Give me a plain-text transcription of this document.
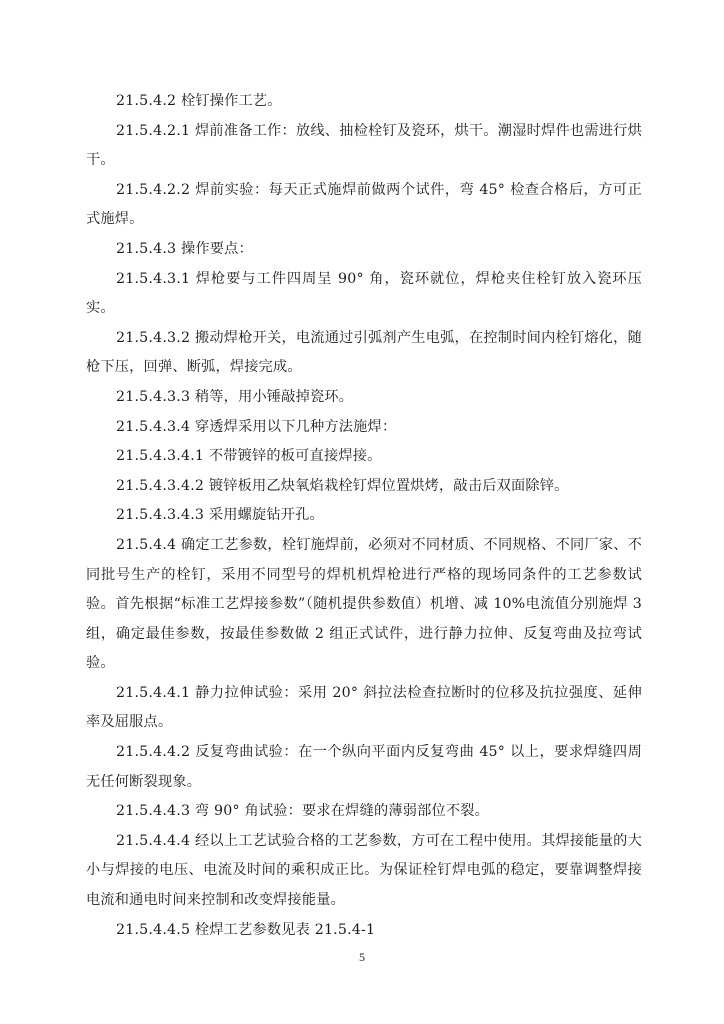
21.5.4.2 栓钉操作工艺。

21.5.4.2.1 焊前准备工作：放线、抽检栓钉及瓷环，烘干。潮湿时焊件也需进行烘干。

21.5.4.2.2 焊前实验：每天正式施焊前做两个试件，弯 45° 检查合格后，方可正式施焊。

21.5.4.3 操作要点：

21.5.4.3.1 焊枪要与工件四周呈 90° 角，瓷环就位，焊枪夹住栓钉放入瓷环压实。

21.5.4.3.2 搬动焊枪开关，电流通过引弧剂产生电弧，在控制时间内栓钉熔化，随枪下压，回弹、断弧，焊接完成。

21.5.4.3.3 稍等，用小锤敲掉瓷环。

21.5.4.3.4 穿透焊采用以下几种方法施焊：

21.5.4.3.4.1 不带镀锌的板可直接焊接。

21.5.4.3.4.2 镀锌板用乙炔氧焰栽栓钉焊位置烘烤，敲击后双面除锌。

21.5.4.3.4.3 采用螺旋钻开孔。

21.5.4.4 确定工艺参数，栓钉施焊前，必须对不同材质、不同规格、不同厂家、不同批号生产的栓钉，采用不同型号的焊机机焊枪进行严格的现场同条件的工艺参数试验。首先根据“标准工艺焊接参数”（随机提供参数值）机增、减 10%电流值分别施焊 3 组，确定最佳参数，按最佳参数做 2 组正式试件，进行静力拉伸、反复弯曲及拉弯试验。

21.5.4.4.1 静力拉伸试验：采用 20° 斜拉法检查拉断时的位移及抗拉强度、延伸率及屈服点。

21.5.4.4.2 反复弯曲试验：在一个纵向平面内反复弯曲 45° 以上，要求焊缝四周无任何断裂现象。

21.5.4.4.3 弯 90° 角试验：要求在焊缝的薄弱部位不裂。

21.5.4.4.4 经以上工艺试验合格的工艺参数，方可在工程中使用。其焊接能量的大小与焊接的电压、电流及时间的乘积成正比。为保证栓钉焊电弧的稳定，要靠调整焊接电流和通电时间来控制和改变焊接能量。

21.5.4.4.5 栓焊工艺参数见表 21.5.4-1

5
